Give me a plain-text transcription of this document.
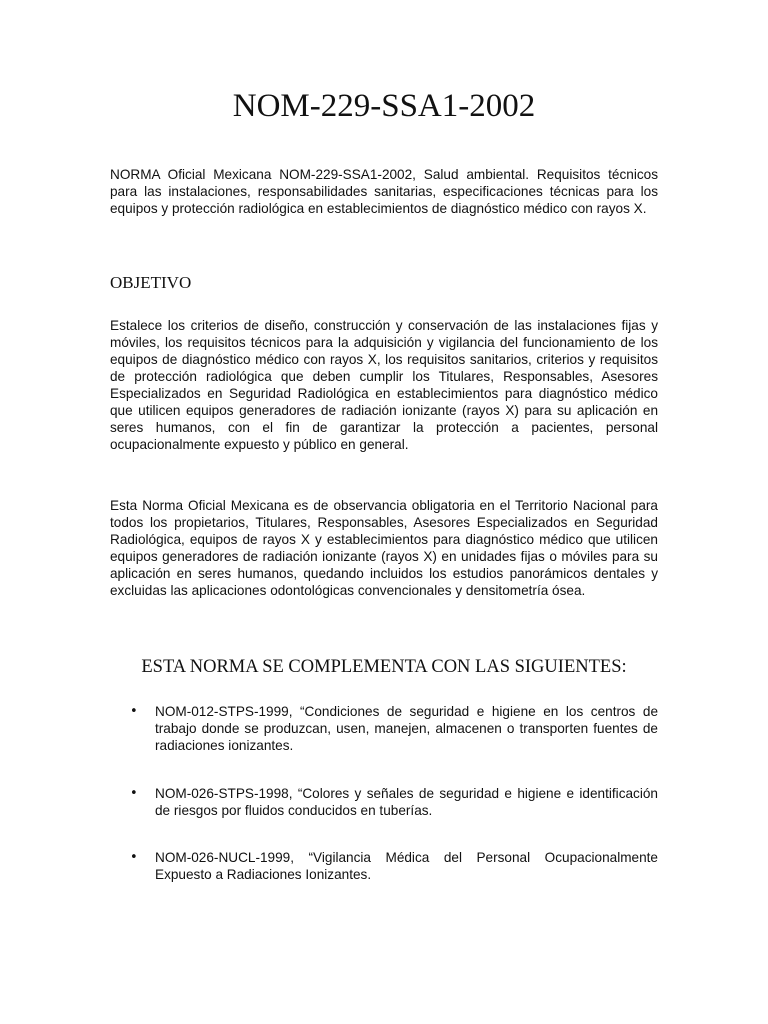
NOM-229-SSA1-2002

NORMA Oficial Mexicana NOM-229-SSA1-2002, Salud ambiental. Requisitos técnicos para las instalaciones, responsabilidades sanitarias, especificaciones técnicas para los equipos y protección radiológica en establecimientos de diagnóstico médico con rayos X.

OBJETIVO

Estalece los criterios de diseño, construcción y conservación de las instalaciones fijas y móviles, los requisitos técnicos para la adquisición y vigilancia del funcionamiento de los equipos de diagnóstico médico con rayos X, los requisitos sanitarios, criterios y requisitos de protección radiológica que deben cumplir los Titulares, Responsables, Asesores Especializados en Seguridad Radiológica en establecimientos para diagnóstico médico que utilicen equipos generadores de radiación ionizante (rayos X) para su aplicación en seres humanos, con el fin de garantizar la protección a pacientes, personal ocupacionalmente expuesto y público en general.

Esta Norma Oficial Mexicana es de observancia obligatoria en el Territorio Nacional para todos los propietarios, Titulares, Responsables, Asesores Especializados en Seguridad Radiológica, equipos de rayos X y establecimientos para diagnóstico médico que utilicen equipos generadores de radiación ionizante (rayos X) en unidades fijas o móviles para su aplicación en seres humanos, quedando incluidos los estudios panorámicos dentales y excluidas las aplicaciones odontológicas convencionales y densitometría ósea.

ESTA NORMA SE COMPLEMENTA CON LAS SIGUIENTES:
• NOM-012-STPS-1999, “Condiciones de seguridad e higiene en los centros de trabajo donde se produzcan, usen, manejen, almacenen o transporten fuentes de radiaciones ionizantes.

• NOM-026-STPS-1998, “Colores y señales de seguridad e higiene e identificación de riesgos por fluidos conducidos en tuberías.

• NOM-026-NUCL-1999, “Vigilancia Médica del Personal Ocupacionalmente Expuesto a Radiaciones Ionizantes.
